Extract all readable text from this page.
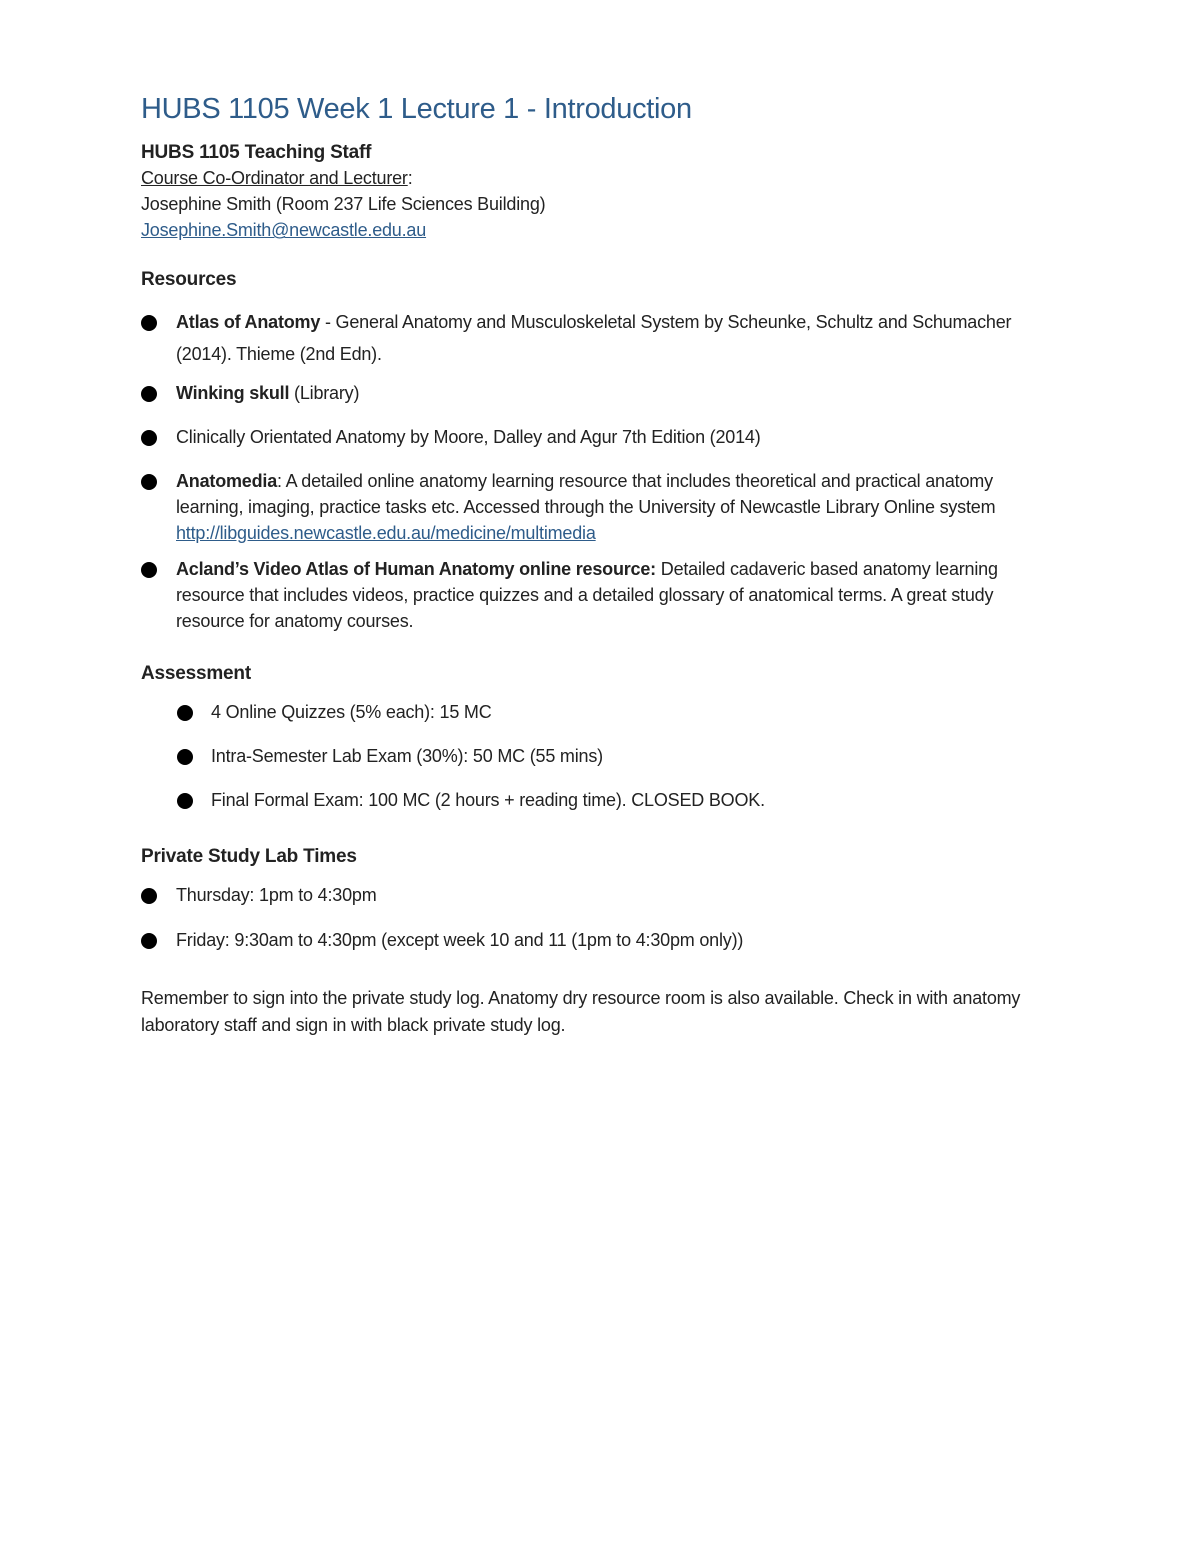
HUBS 1105 Week 1 Lecture 1 - Introduction
HUBS 1105 Teaching Staff
Course Co-Ordinator and Lecturer:
Josephine Smith (Room 237 Life Sciences Building)
Josephine.Smith@newcastle.edu.au
Resources
Atlas of Anatomy - General Anatomy and Musculoskeletal System by Scheunke, Schultz and Schumacher (2014). Thieme (2nd Edn).
Winking skull (Library)
Clinically Orientated Anatomy by Moore, Dalley and Agur 7th Edition (2014)
Anatomedia: A detailed online anatomy learning resource that includes theoretical and practical anatomy learning, imaging, practice tasks etc. Accessed through the University of Newcastle Library Online system http://libguides.newcastle.edu.au/medicine/multimedia
Acland’s Video Atlas of Human Anatomy online resource: Detailed cadaveric based anatomy learning resource that includes videos, practice quizzes and a detailed glossary of anatomical terms. A great study resource for anatomy courses.
Assessment
4 Online Quizzes (5% each): 15 MC
Intra-Semester Lab Exam (30%): 50 MC (55 mins)
Final Formal Exam: 100 MC (2 hours + reading time). CLOSED BOOK.
Private Study Lab Times
Thursday: 1pm to 4:30pm
Friday: 9:30am to 4:30pm (except week 10 and 11 (1pm to 4:30pm only))
Remember to sign into the private study log. Anatomy dry resource room is also available. Check in with anatomy laboratory staff and sign in with black private study log.
